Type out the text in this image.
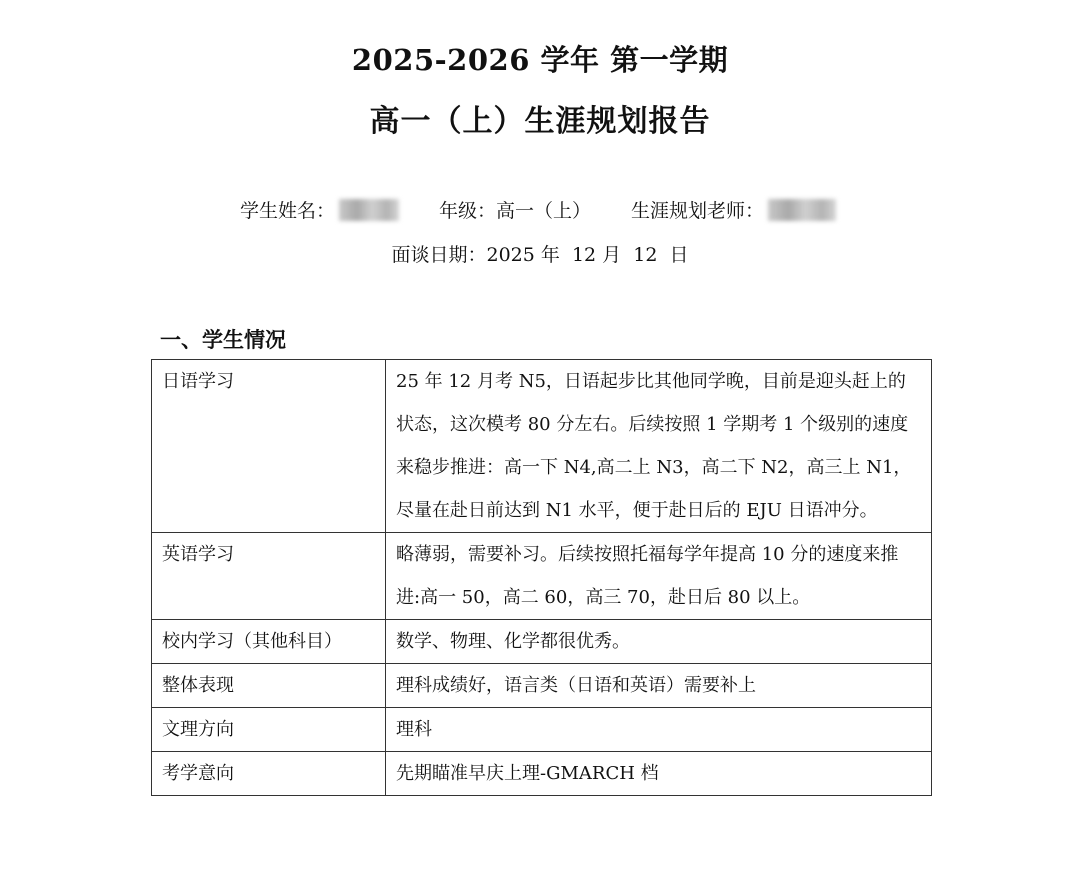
2025-2026 学年 第一学期
高一（上）生涯规划报告
学生姓名：	年级：高一（上） 生涯规划老师：
面谈日期：2025 年  12 月  12  日
一、学生情况
日语学习	25 年 12 月考 N5，日语起步比其他同学晚，目前是迎头赶上的状态，这次模考 80 分左右。后续按照 1 学期考 1 个级别的速度来稳步推进：高一下 N4,高二上 N3，高二下 N2，高三上 N1，尽量在赴日前达到 N1 水平，便于赴日后的 EJU 日语冲分。
英语学习	略薄弱，需要补习。后续按照托福每学年提高 10 分的速度来推进:高一 50，高二 60，高三 70，赴日后 80 以上。
校内学习（其他科目）	数学、物理、化学都很优秀。
整体表现	理科成绩好，语言类（日语和英语）需要补上
文理方向	理科
考学意向	先期瞄准早庆上理-GMARCH 档
